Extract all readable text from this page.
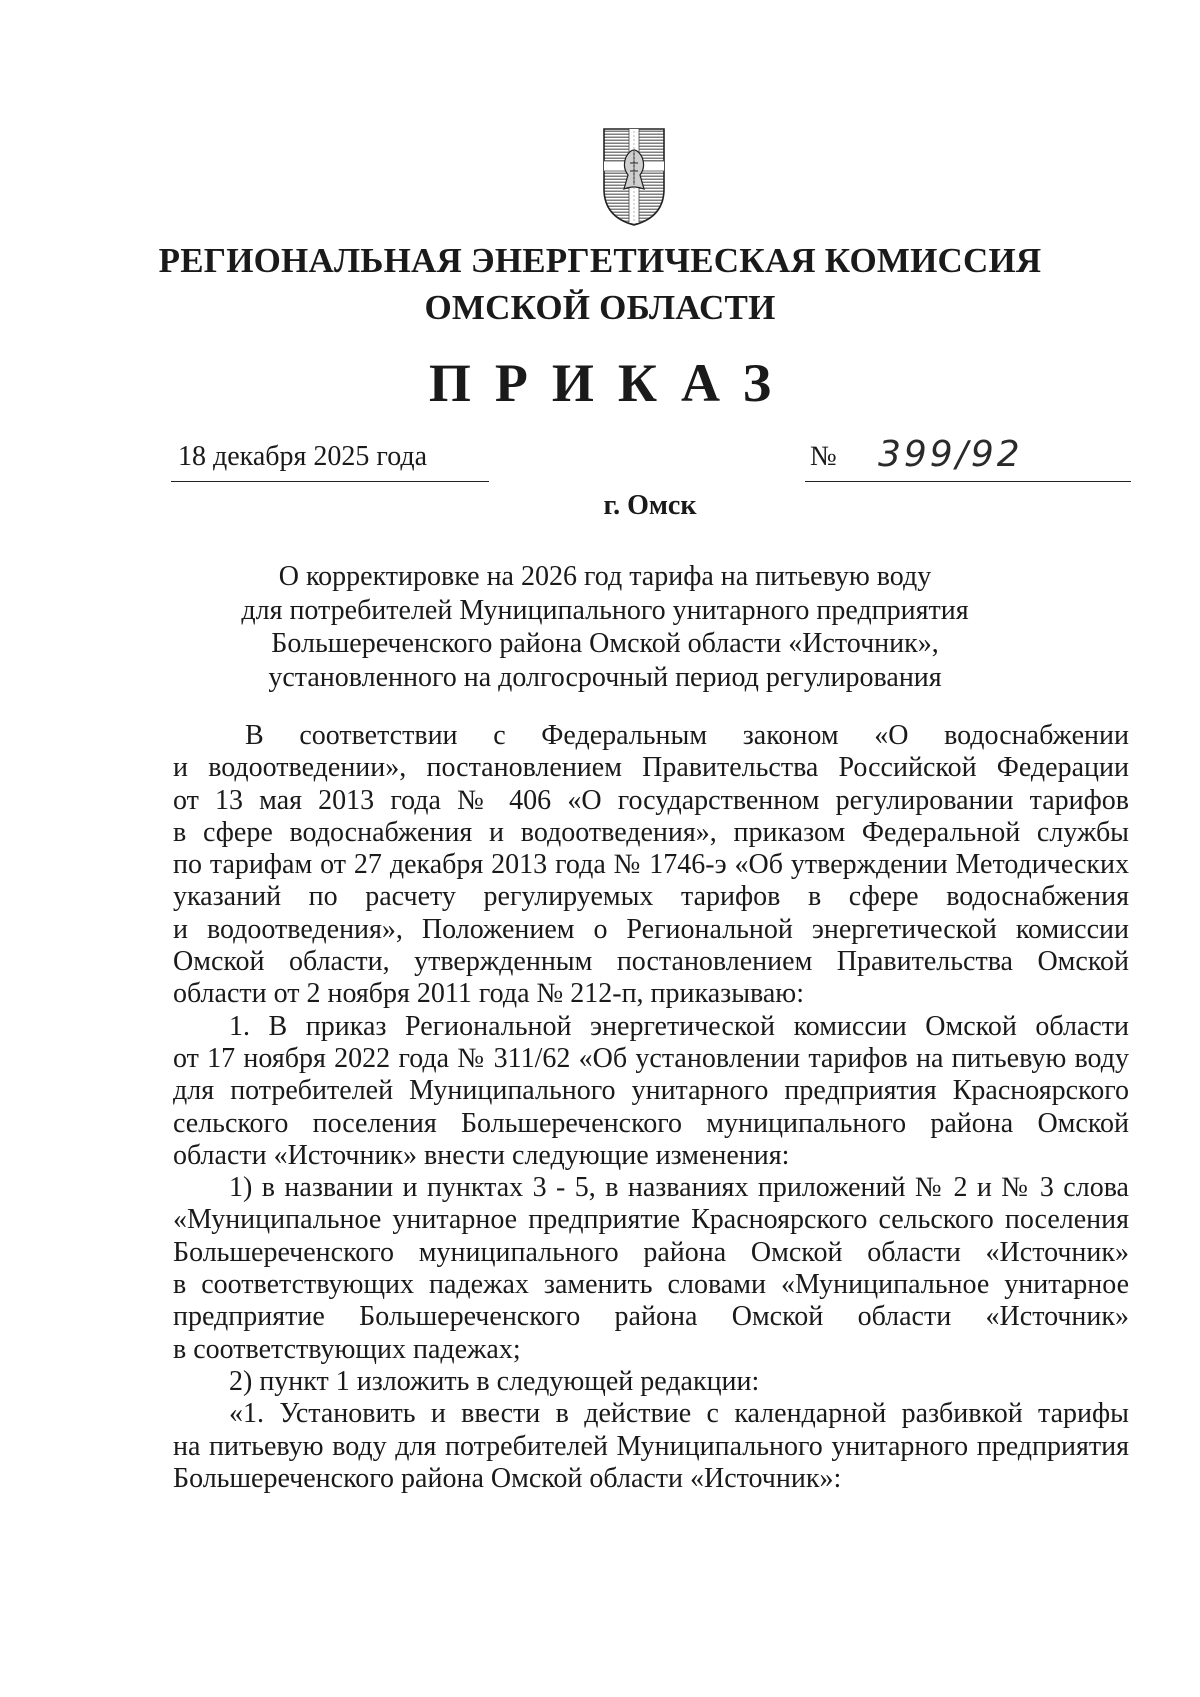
РЕГИОНАЛЬНАЯ ЭНЕРГЕТИЧЕСКАЯ КОМИССИЯ
ОМСКОЙ ОБЛАСТИ
ПРИКАЗ
18 декабря 2025 года	№ 399/92
г. Омск
О корректировке на 2026 год тарифа на питьевую воду
для потребителей Муниципального унитарного предприятия
Большереченского района Омской области «Источник»,
установленного на долгосрочный период регулирования
В соответствии с Федеральным законом «О водоснабжении
и водоотведении», постановлением Правительства Российской Федерации
от 13 мая 2013 года № 406 «О государственном регулировании тарифов
в сфере водоснабжения и водоотведения», приказом Федеральной службы
по тарифам от 27 декабря 2013 года № 1746-э «Об утверждении Методических
указаний по расчету регулируемых тарифов в сфере водоснабжения
и водоотведения», Положением о Региональной энергетической комиссии
Омской области, утвержденным постановлением Правительства Омской
области от 2 ноября 2011 года № 212-п, приказываю:
1. В приказ Региональной энергетической комиссии Омской области
от 17 ноября 2022 года № 311/62 «Об установлении тарифов на питьевую воду
для потребителей Муниципального унитарного предприятия Красноярского
сельского поселения Большереченского муниципального района Омской
области «Источник» внести следующие изменения:
1) в названии и пунктах 3 - 5, в названиях приложений № 2 и № 3 слова
«Муниципальное унитарное предприятие Красноярского сельского поселения
Большереченского муниципального района Омской области «Источник»
в соответствующих падежах заменить словами «Муниципальное унитарное
предприятие Большереченского района Омской области «Источник»
в соответствующих падежах;
2) пункт 1 изложить в следующей редакции:
«1. Установить и ввести в действие с календарной разбивкой тарифы
на питьевую воду для потребителей Муниципального унитарного предприятия
Большереченского района Омской области «Источник»:
